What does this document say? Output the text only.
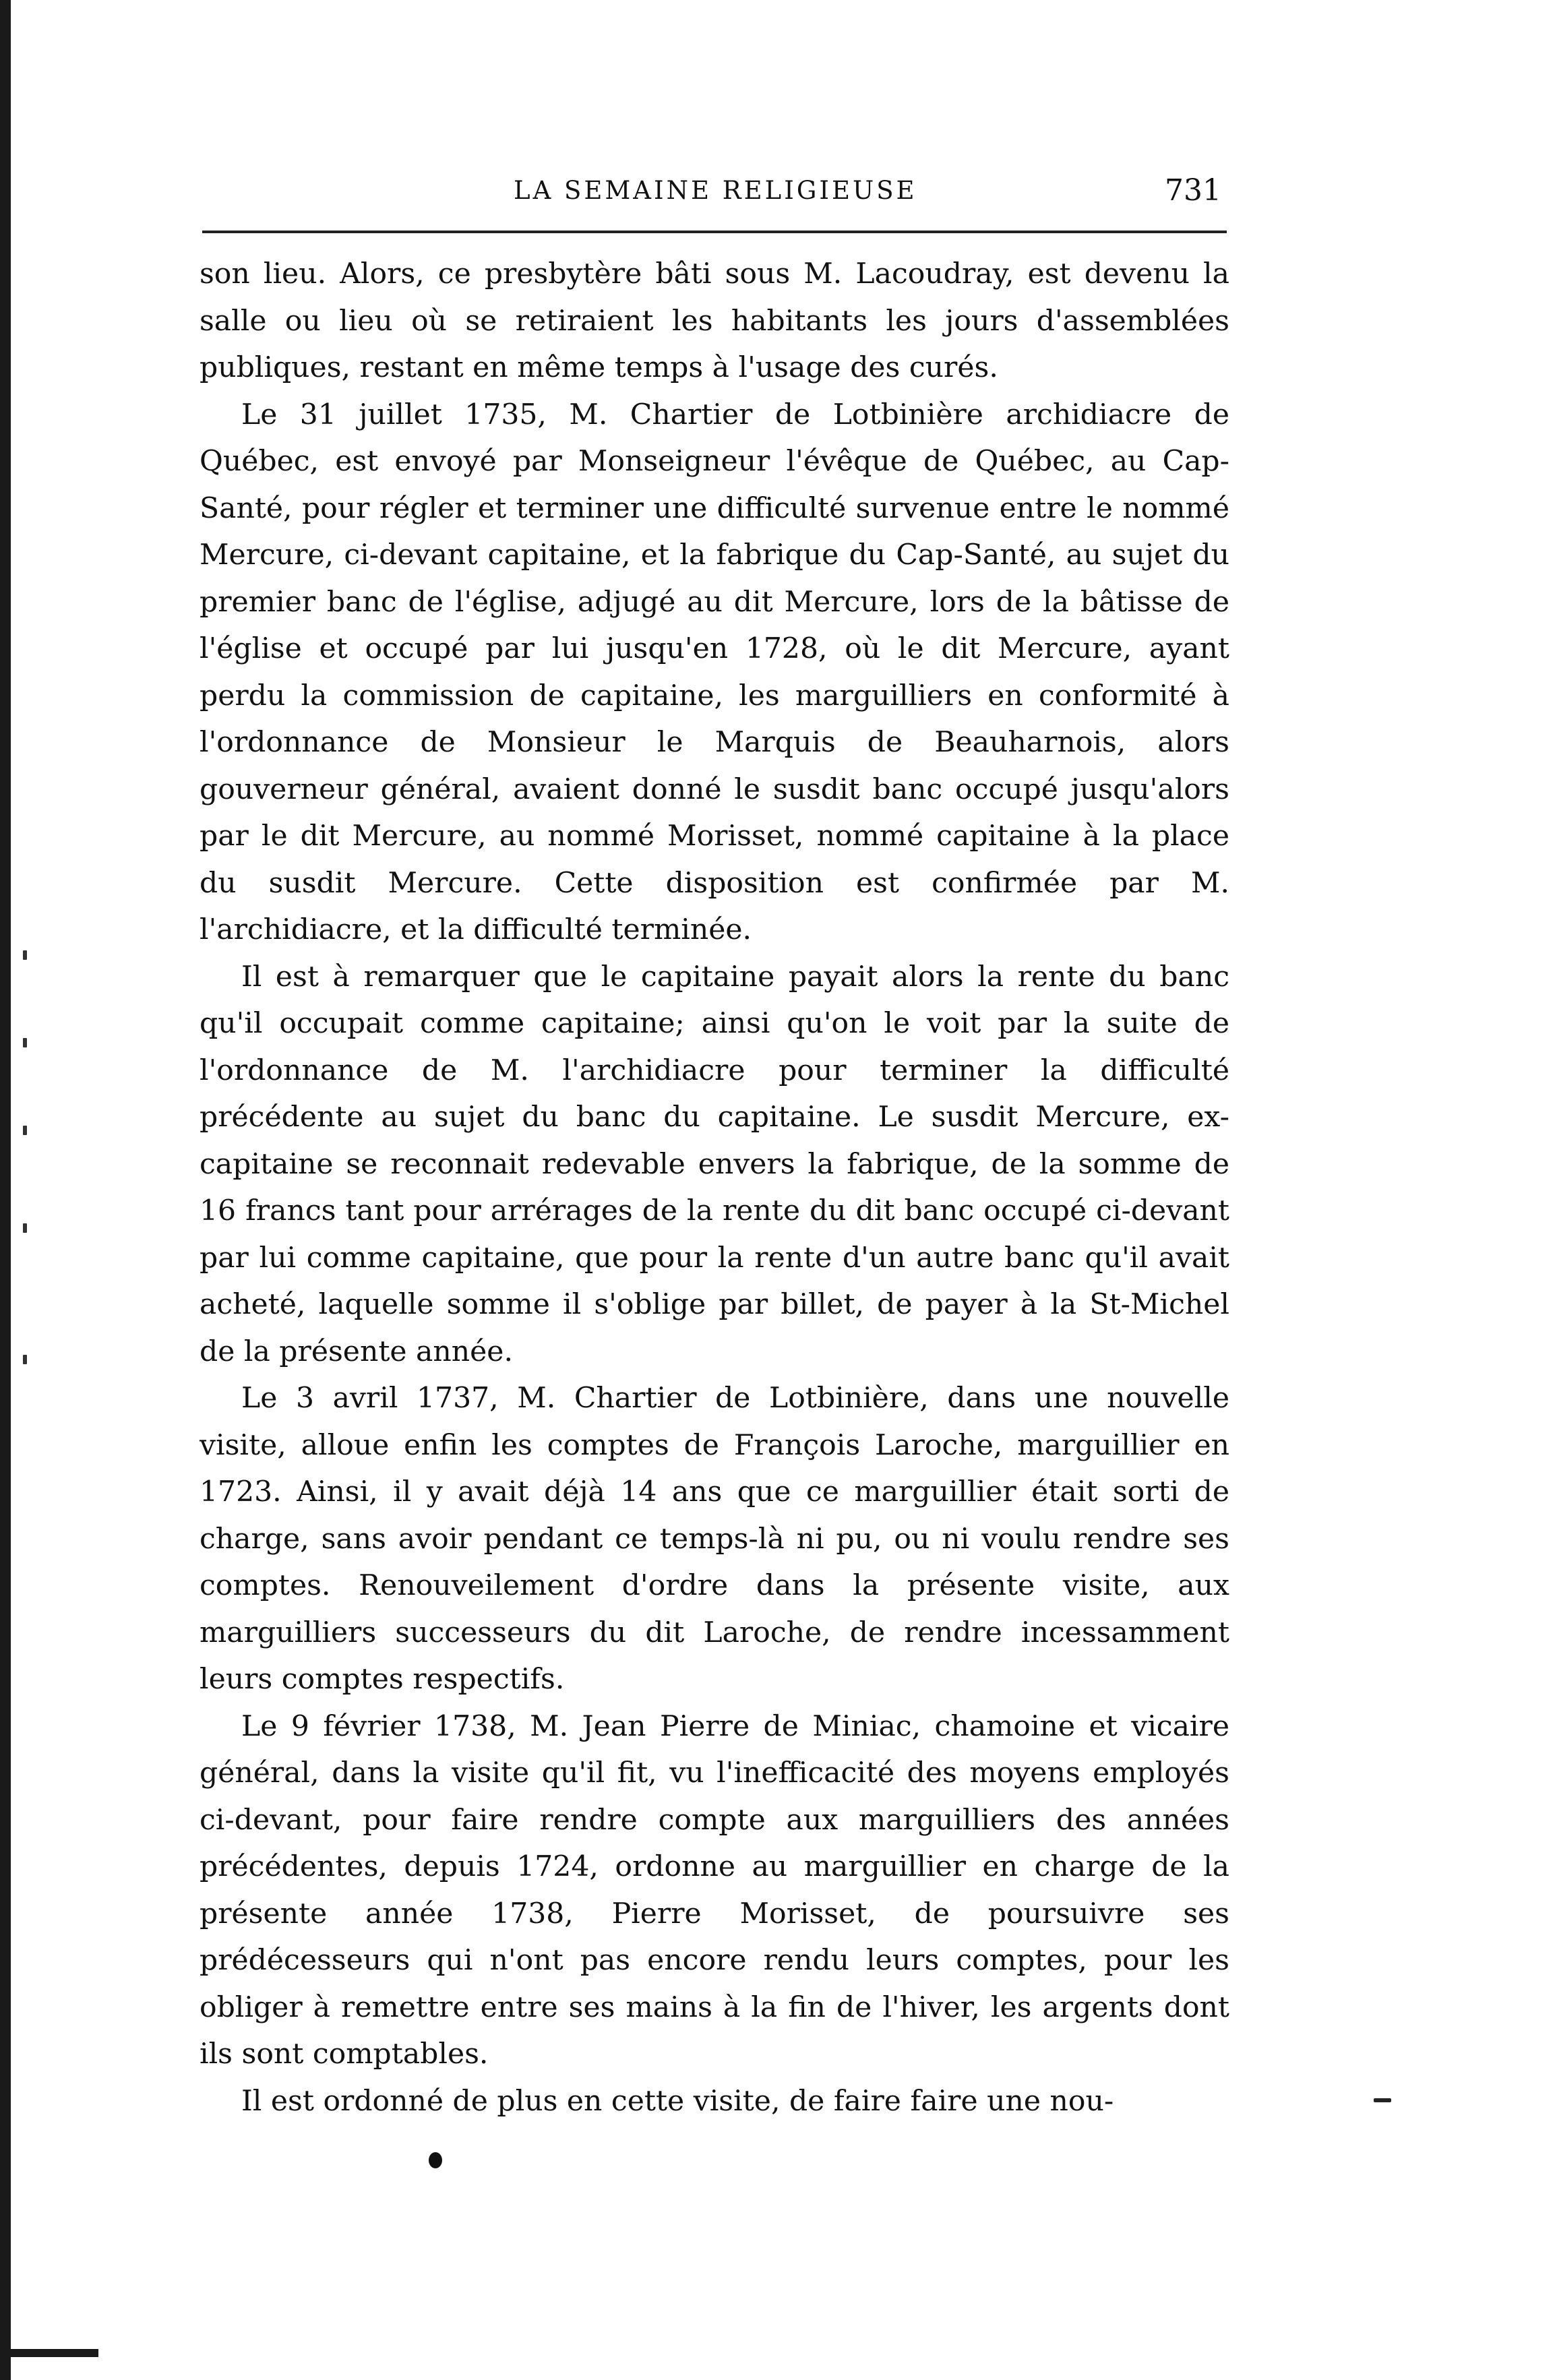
LA SEMAINE RELIGIEUSE	731

son lieu. Alors, ce presbytère bâti sous M. Lacoudray, est devenu la salle ou lieu où se retiraient les habitants les jours d'assemblées publiques, restant en même temps à l'usage des curés.

Le 31 juillet 1735, M. Chartier de Lotbinière archidiacre de Québec, est envoyé par Monseigneur l'évêque de Québec, au Cap-Santé, pour régler et terminer une difficulté survenue entre le nommé Mercure, ci-devant capitaine, et la fabrique du Cap-Santé, au sujet du premier banc de l'église, adjugé au dit Mercure, lors de la bâtisse de l'église et occupé par lui jusqu'en 1728, où le dit Mercure, ayant perdu la commission de capitaine, les marguilliers en conformité à l'ordonnance de Monsieur le Marquis de Beauharnois, alors gouverneur général, avaient donné le susdit banc occupé jusqu'alors par le dit Mercure, au nommé Morisset, nommé capitaine à la place du susdit Mercure. Cette disposition est confirmée par M. l'archidiacre, et la difficulté terminée.

Il est à remarquer que le capitaine payait alors la rente du banc qu'il occupait comme capitaine; ainsi qu'on le voit par la suite de l'ordonnance de M. l'archidiacre pour terminer la difficulté précédente au sujet du banc du capitaine. Le susdit Mercure, ex-capitaine se reconnait redevable envers la fabrique, de la somme de 16 francs tant pour arrérages de la rente du dit banc occupé ci-devant par lui comme capitaine, que pour la rente d'un autre banc qu'il avait acheté, laquelle somme il s'oblige par billet, de payer à la St-Michel de la présente année.

Le 3 avril 1737, M. Chartier de Lotbinière, dans une nouvelle visite, alloue enfin les comptes de François Laroche, marguillier en 1723. Ainsi, il y avait déjà 14 ans que ce marguillier était sorti de charge, sans avoir pendant ce temps-là ni pu, ou ni voulu rendre ses comptes. Renouveilement d'ordre dans la présente visite, aux marguilliers successeurs du dit Laroche, de rendre incessamment leurs comptes respectifs.

Le 9 février 1738, M. Jean Pierre de Miniac, chamoine et vicaire général, dans la visite qu'il fit, vu l'inefficacité des moyens employés ci-devant, pour faire rendre compte aux marguilliers des années précédentes, depuis 1724, ordonne au marguillier en charge de la présente année 1738, Pierre Morisset, de poursuivre ses prédécesseurs qui n'ont pas encore rendu leurs comptes, pour les obliger à remettre entre ses mains à la fin de l'hiver, les argents dont ils sont comptables.

Il est ordonné de plus en cette visite, de faire faire une nou-
